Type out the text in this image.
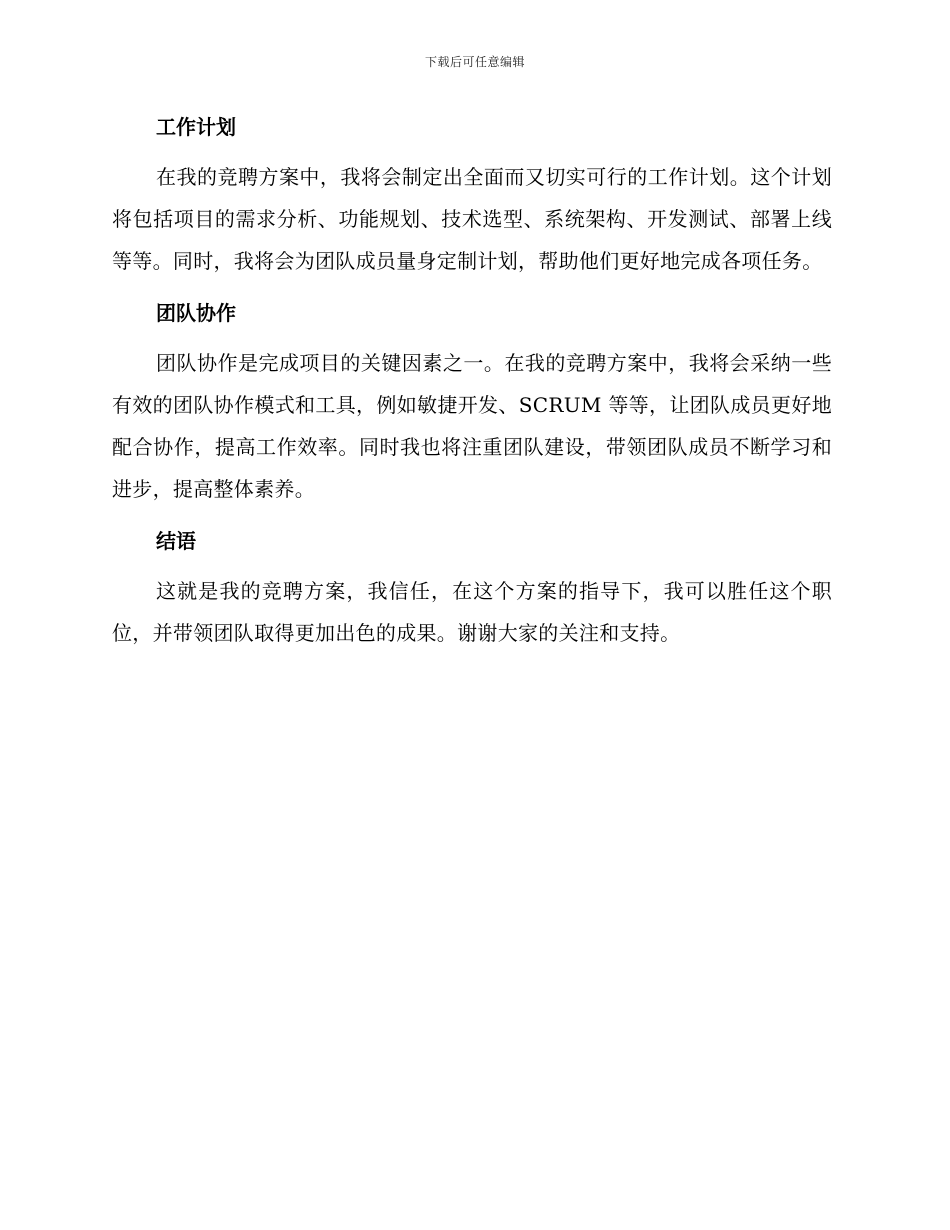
下载后可任意编辑
工作计划

在我的竞聘方案中，我将会制定出全面而又切实可行的工作计划。这个计划将包括项目的需求分析、功能规划、技术选型、系统架构、开发测试、部署上线等等。同时，我将会为团队成员量身定制计划，帮助他们更好地完成各项任务。

团队协作

团队协作是完成项目的关键因素之一。在我的竞聘方案中，我将会采纳一些有效的团队协作模式和工具，例如敏捷开发、SCRUM 等等，让团队成员更好地配合协作，提高工作效率。同时我也将注重团队建设，带领团队成员不断学习和进步，提高整体素养。

结语

这就是我的竞聘方案，我信任，在这个方案的指导下，我可以胜任这个职位，并带领团队取得更加出色的成果。谢谢大家的关注和支持。
